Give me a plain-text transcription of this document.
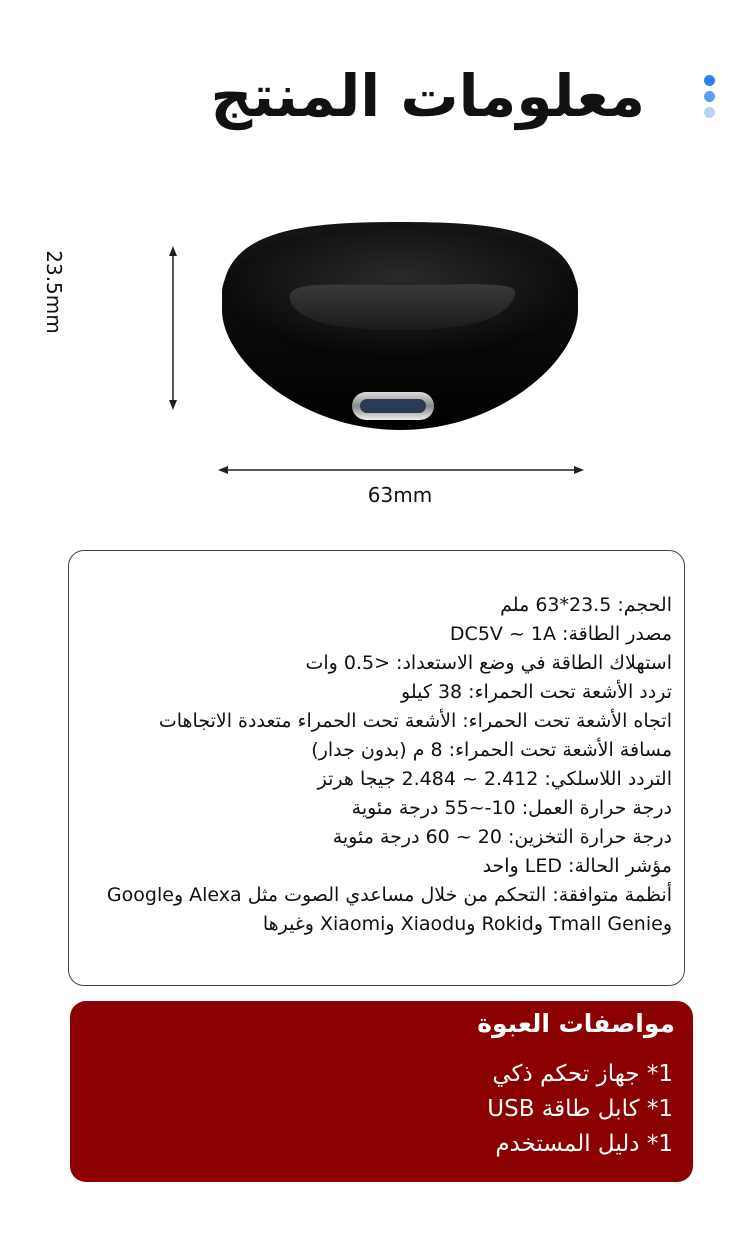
معلومات المنتج
23.5mm
63mm
الحجم: 23.5*63 ملم
مصدر الطاقة: DC5V ~ 1A
استهلاك الطاقة في وضع الاستعداد: <0.5 وات
تردد الأشعة تحت الحمراء: 38 كيلو
اتجاه الأشعة تحت الحمراء: الأشعة تحت الحمراء متعددة الاتجاهات
مسافة الأشعة تحت الحمراء: 8 م (بدون جدار)
التردد اللاسلكي: 2.412 ~ 2.484 جيجا هرتز
درجة حرارة العمل: 10-~55 درجة مئوية
درجة حرارة التخزين: 20 ~ 60 درجة مئوية
مؤشر الحالة: LED واحد
أنظمة متوافقة: التحكم من خلال مساعدي الصوت مثل Alexa وGoogle وTmall Genie وRokid وXiaodu وXiaomi وغيرها
مواصفات العبوة
1* جهاز تحكم ذكي
1* كابل طاقة USB
1* دليل المستخدم
